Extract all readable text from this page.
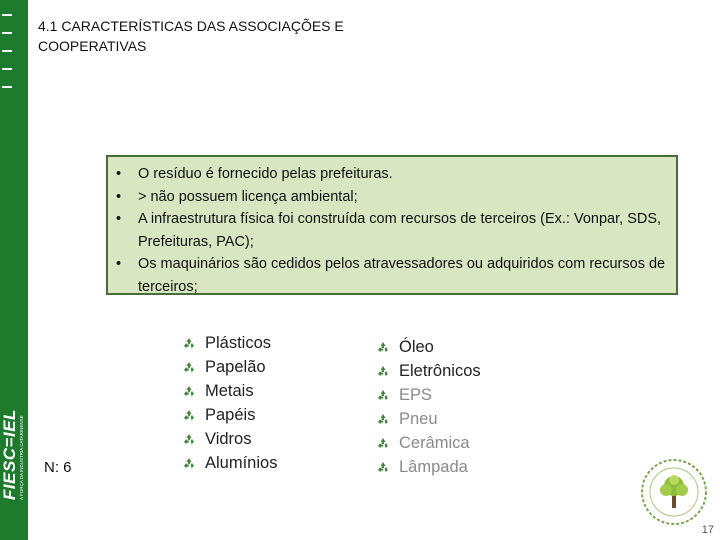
FIESC=IEL A FORÇA DA INDÚSTRIA CATARINENSE
4.1 CARACTERÍSTICAS DAS ASSOCIAÇÕES E
COOPERATIVAS
• O resíduo é fornecido pelas prefeituras.
• > não possuem licença ambiental;
• A infraestrutura física foi construída com recursos de terceiros (Ex.: Vonpar, SDS, Prefeituras, PAC);
• Os maquinários são cedidos pelos atravessadores ou adquiridos com recursos de terceiros;
Plásticos
Papelão
Metais
Papéis
Vidros
Alumínios
Óleo
Eletrônicos
EPS
Pneu
Cerâmica
Lâmpada
N: 6
17
